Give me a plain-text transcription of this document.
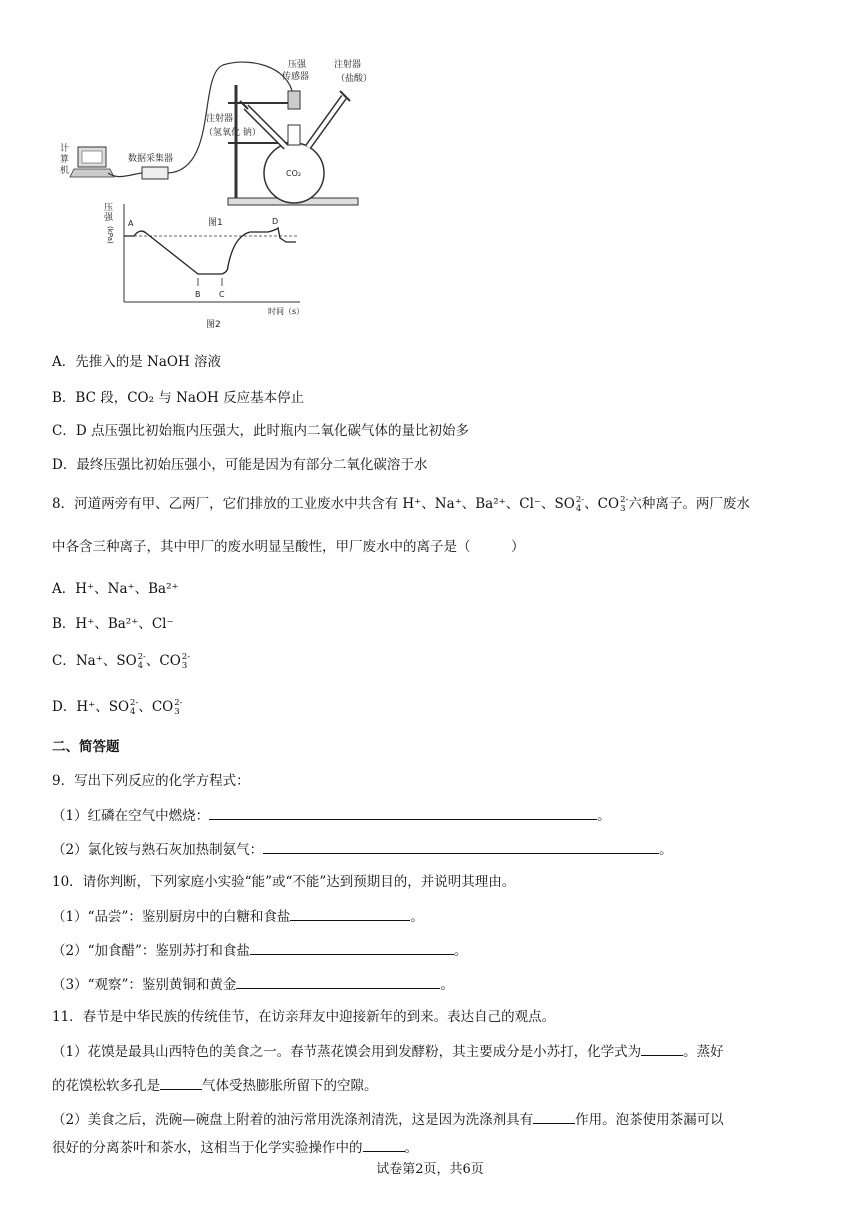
计算机
数据采集器
压强传感器
CO₂
注射器（氢氧化 钠）
注射器（盐酸）
图1
压强
(kPa)
A	D
B C
时间（s）
图2
A．先推入的是 NaOH 溶液
B．BC 段，CO₂ 与 NaOH 反应基本停止
C．D 点压强比初始瓶内压强大，此时瓶内二氧化碳气体的量比初始多
D．最终压强比初始压强小，可能是因为有部分二氧化碳溶于水
8．河道两旁有甲、乙两厂，它们排放的工业废水中共含有 H⁺、Na⁺、Ba²⁺、Cl⁻、SO 2-
4 、CO 2-
3 六种离子。两厂废水
中各含三种离子，其中甲厂的废水明显呈酸性，甲厂废水中的离子是（　　　）
A．H⁺、Na⁺、Ba²⁺
B．H⁺、Ba²⁺、Cl⁻
C．Na⁺、SO 2-
4 、CO 2-
3
D．H⁺、SO 2-
4 、CO 2-
3
二、简答题
9．写出下列反应的化学方程式：
（1）红磷在空气中燃烧：	。
（2）氯化铵与熟石灰加热制氨气：	。
10．请你判断，下列家庭小实验“能”或“不能”达到预期目的，并说明其理由。
（1）“品尝”：鉴别厨房中的白糖和食盐	。
（2）“加食醋”：鉴别苏打和食盐	。
（3）“观察”：鉴别黄铜和黄金	。
11．春节是中华民族的传统佳节，在访亲拜友中迎接新年的到来。表达自己的观点。
（1）花馍是最具山西特色的美食之一。春节蒸花馍会用到发酵粉，其主要成分是小苏打，化学式为	。蒸好
的花馍松软多孔是	气体受热膨胀所留下的空隙。
（2）美食之后，洗碗—碗盘上附着的油污常用洗涤剂清洗，这是因为洗涤剂具有	作用。泡茶使用茶漏可以
很好的分离茶叶和茶水，这相当于化学实验操作中的	。
试卷第2页，共6页
